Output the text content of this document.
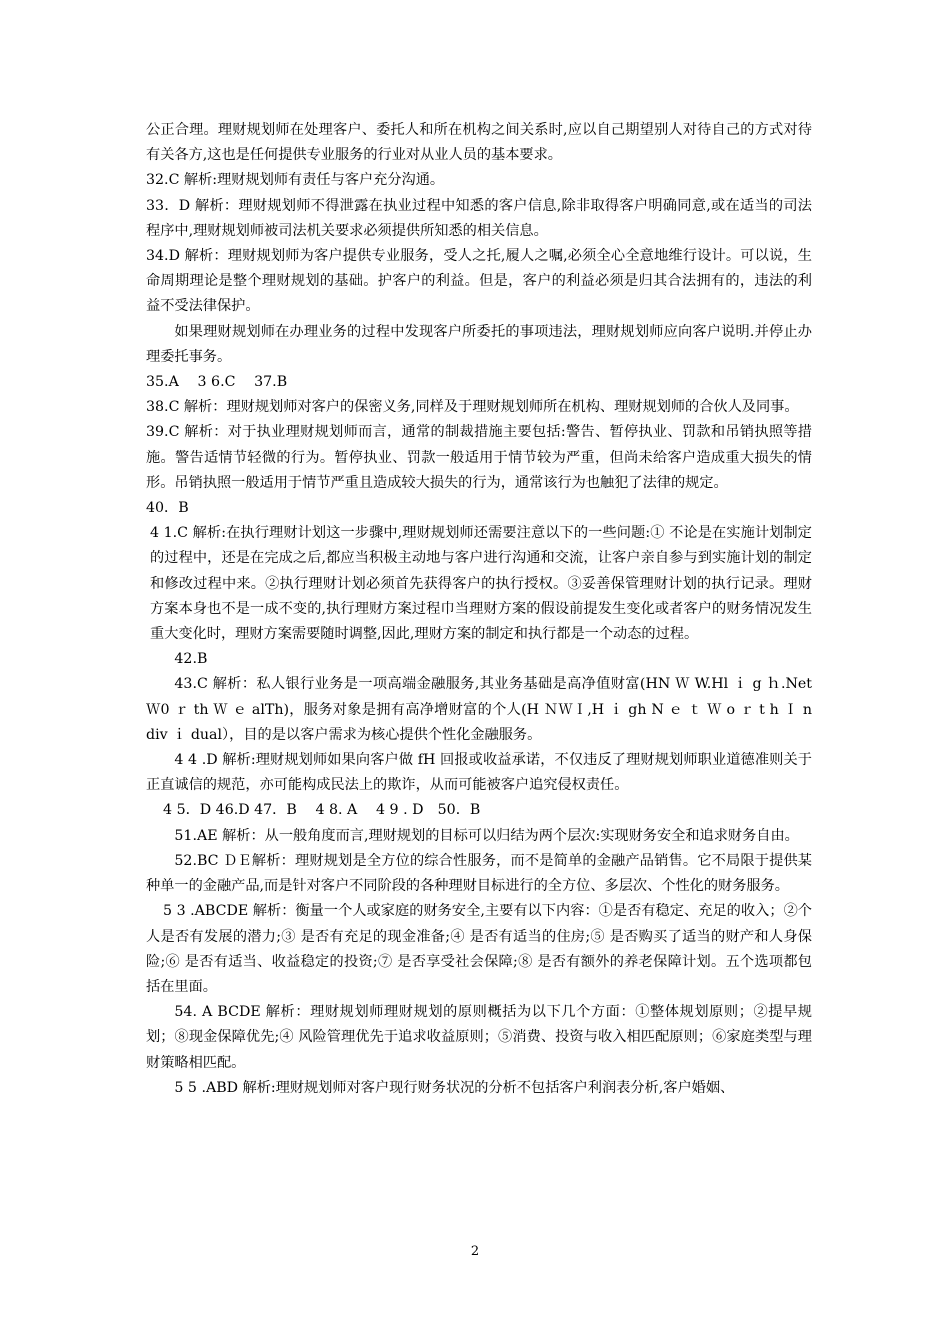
公正合理。理财规划师在处理客户、委托人和所在机构之间关系时,应以自己期望别人对待自己的方式对待有关各方,这也是任何提供专业服务的行业对从业人员的基本要求。

32.C 解析:理财规划师有责任与客户充分沟通。

33．D 解析：理财规划师不得泄露在执业过程中知悉的客户信息,除非取得客户明确同意,或在适当的司法程序中,理财规划师被司法机关要求必须提供所知悉的相关信息。

34.D 解析：理财规划师为客户提供专业服务，受人之托,履人之嘱,必须全心全意地维行设计。可以说，生命周期理论是整个理财规划的基础。护客户的利益。但是，客户的利益必须是归其合法拥有的，违法的利益不受法律保护。

如果理财规划师在办理业务的过程中发现客户所委托的事项违法，理财规划师应向客户说明.并停止办理委托事务。

35.A　 3 6.C　 37.B

38.C 解析：理财规划师对客户的保密义务,同样及于理财规划师所在机构、理财规划师的合伙人及同事。

39.C 解析：对于执业理财规划师而言，通常的制裁措施主要包括:警告、暂停执业、罚款和吊销执照等措施。警告适情节轻微的行为。暂停执业、罚款一般适用于情节较为严重，但尚未给客户造成重大损失的情形。吊销执照一般适用于情节严重且造成较大损失的行为，通常该行为也触犯了法律的规定。

40．B

4 1.C 解析:在执行理财计划这一步骤中,理财规划师还需要注意以下的一些问题:① 不论是在实施计划制定的过程中，还是在完成之后,都应当积极主动地与客户进行沟通和交流，让客户亲自参与到实施计划的制定和修改过程中来。②执行理财计划必须首先获得客户的执行授权。③妥善保管理财计划的执行记录。理财方案本身也不是一成不变的,执行理财方案过程巾当理财方案的假设前提发生变化或者客户的财务情况发生重大变化时，理财方案需要随时调整,因此,理财方案的制定和执行都是一个动态的过程。

42.B

43.C 解析：私人银行业务是一项高端金融服务,其业务基础是高净值财富(HN Ｗ W.Hl ｉ g ｈ.Net Ｗ0 ｒ th Ｗ ｅ alTh)，服务对象是拥有高净增财富的个人(H ＮＷＩ,H ｉ gh N ｅ ｔ Ｗ o ｒ t h Ｉ n div ｉ dual），目的是以客户需求为核心提供个性化金融服务。

4 4 .D 解析:理财规划师如果向客户做 fH 回报或收益承诺，不仅违反了理财规划师职业道德准则关于正直诚信的规范，亦可能构成民法上的欺诈，从而可能被客户追究侵权责任。

4 5．D 46.D 47．B　 4 8. A　 4 9 . D　50．B

51.AE 解析：从一般角度而言,理财规划的目标可以归结为两个层次:实现财务安全和追求财务自由。

52.BC ＤＥ解析：理财规划是全方位的综合性服务，而不是简单的金融产品销售。它不局限于提供某种单一的金融产品,而是针对客户不同阶段的各种理财目标进行的全方位、多层次、个性化的财务服务。

5 3 .ABCDE 解析：衡量一个人或家庭的财务安全,主要有以下内容：①是否有稳定、充足的收入；②个人是否有发展的潜力;③ 是否有充足的现金准备;④ 是否有适当的住房;⑤ 是否购买了适当的财产和人身保险;⑥ 是否有适当、收益稳定的投资;⑦ 是否享受社会保障;⑧ 是否有额外的养老保障计划。五个选项都包括在里面。

54. A BCDE 解析：理财规划师理财规划的原则概括为以下几个方面：①整体规划原则；②提早规划；⑧现金保障优先;④ 风险管理优先于追求收益原则；⑤消费、投资与收入相匹配原则；⑥家庭类型与理财策略相匹配。

5 5 .ABD 解析:理财规划师对客户现行财务状况的分析不包括客户利润表分析,客户婚姻、

2
